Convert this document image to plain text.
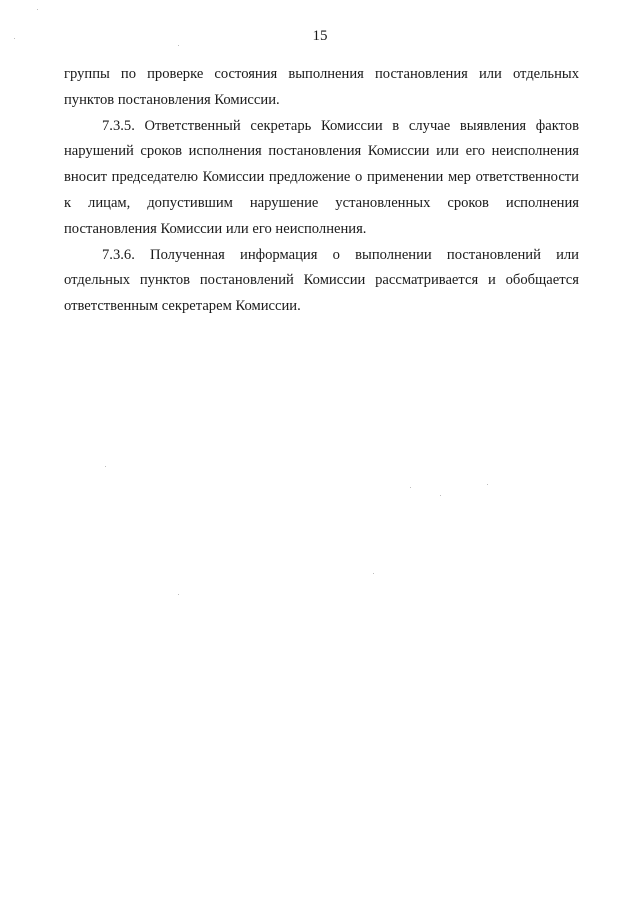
15

группы по проверке состояния выполнения постановления или отдельных пунктов постановления Комиссии.

7.3.5. Ответственный секретарь Комиссии в случае выявления фактов нарушений сроков исполнения постановления Комиссии или его неисполнения вносит председателю Комиссии предложение о применении мер ответственности к лицам, допустившим нарушение установленных сроков исполнения постановления Комиссии или его неисполнения.

7.3.6. Полученная информация о выполнении постановлений или отдельных пунктов постановлений Комиссии рассматривается и обобщается ответственным секретарем Комиссии.
